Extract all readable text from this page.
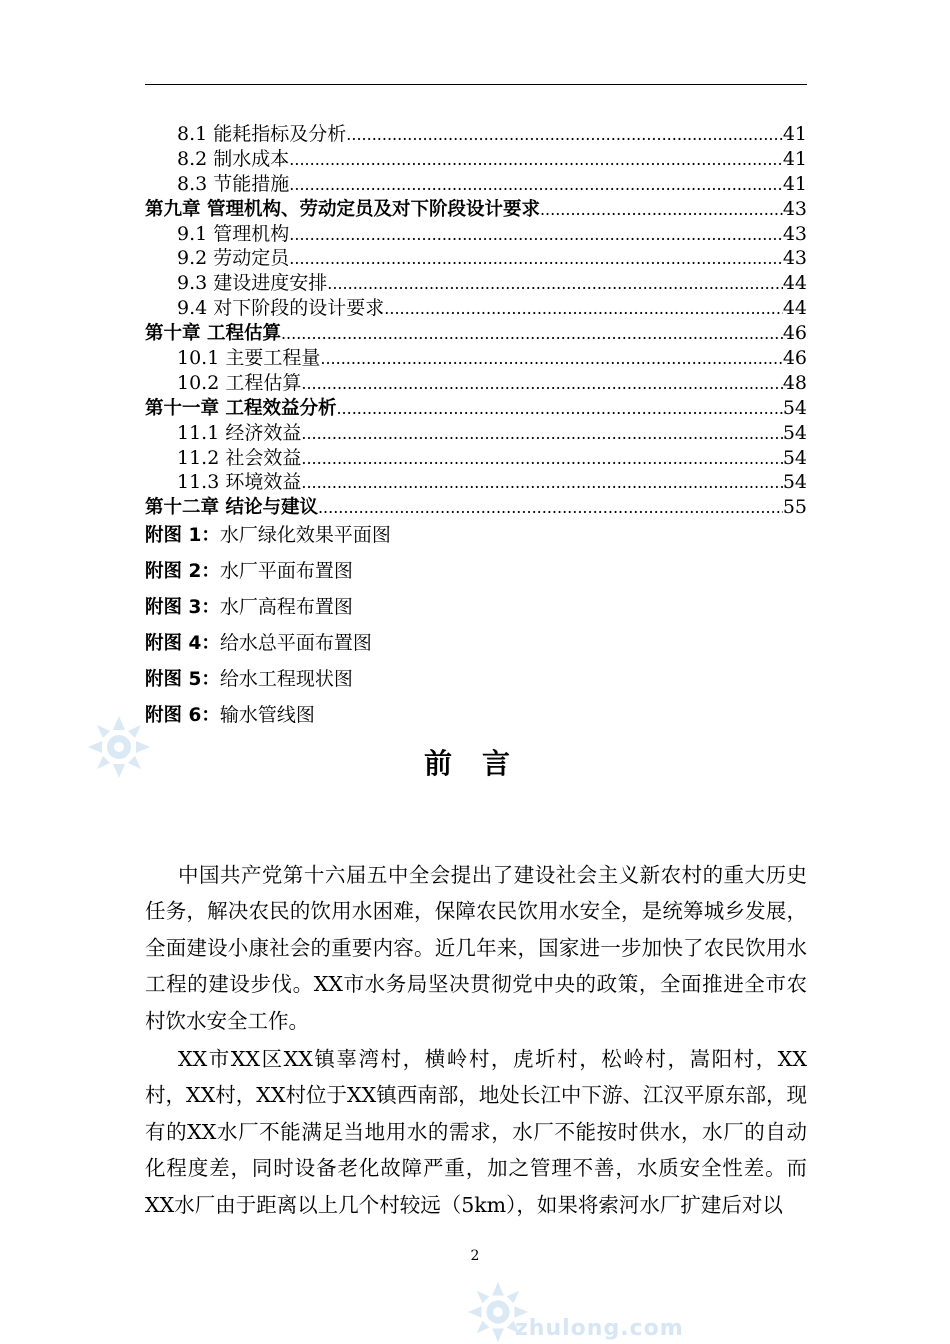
8.1 能耗指标及分析 .....	41
8.2 制水成本 .....	41
8.3 节能措施 .....	41
第九章 管理机构、劳动定员及对下阶段设计要求 .....	43
9.1 管理机构 .....	43
9.2 劳动定员 .....	43
9.3 建设进度安排 .....	44
9.4 对下阶段的设计要求 .....	44
第十章 工程估算 .....	46
10.1 主要工程量 .....	46
10.2 工程估算 .....	48
第十一章 工程效益分析 .....	54
11.1 经济效益 .....	54
11.2 社会效益 .....	54
11.3 环境效益 .....	54
第十二章 结论与建议 .....	55
附图 1：水厂绿化效果平面图
附图 2：水厂平面布置图
附图 3：水厂高程布置图
附图 4：给水总平面布置图
附图 5：给水工程现状图
附图 6：输水管线图
前言

中国共产党第十六届五中全会提出了建设社会主义新农村的重大历史任务，解决农民的饮用水困难，保障农民饮用水安全，是统筹城乡发展，全面建设小康社会的重要内容。近几年来，国家进一步加快了农民饮用水工程的建设步伐。XX市水务局坚决贯彻党中央的政策，全面推进全市农村饮水安全工作。

XX市XX区XX镇辜湾村，横岭村，虎圻村，松岭村，嵩阳村，XX村，XX村，XX村位于XX镇西南部，地处长江中下游、江汉平原东部，现有的XX水厂不能满足当地用水的需求，水厂不能按时供水，水厂的自动化程度差，同时设备老化故障严重，加之管理不善，水质安全性差。而XX水厂由于距离以上几个村较远（5km），如果将索河水厂扩建后对以

2
zhulong.com
